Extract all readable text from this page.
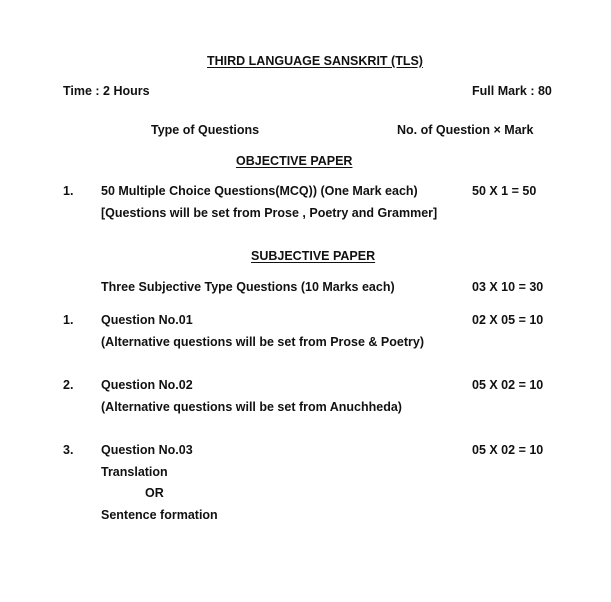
THIRD LANGUAGE SANSKRIT (TLS)
Time : 2 Hours	Full Mark : 80
Type of Questions	No. of Question × Mark
OBJECTIVE PAPER
1. 50 Multiple Choice Questions(MCQ)) (One Mark each)	50 X 1 = 50
[Questions will be set from Prose , Poetry and Grammer]
SUBJECTIVE PAPER
Three Subjective Type Questions (10 Marks each)	03 X 10 = 30
1. Question No.01	02 X 05 = 10
(Alternative questions will be set from Prose & Poetry)
2. Question No.02	05 X 02 = 10
(Alternative questions will be set from Anuchheda)
3. Question No.03	05 X 02 = 10
Translation
OR
Sentence formation
